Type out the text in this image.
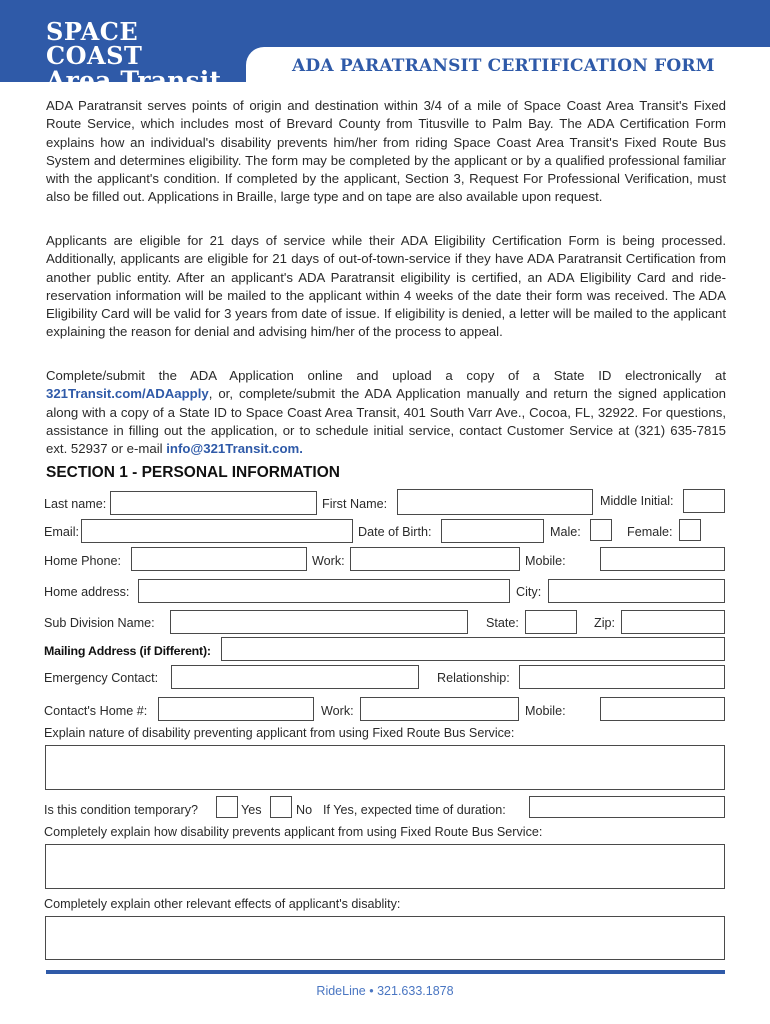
SPACE COAST
Area Transit	ADA PARATRANSIT CERTIFICATION FORM

ADA Paratransit serves points of origin and destination within 3/4 of a mile of Space Coast Area Transit's Fixed Route Service, which includes most of Brevard County from Titusville to Palm Bay. The ADA Certification Form explains how an individual's disability prevents him/her from riding Space Coast Area Transit's Fixed Route Bus System and determines eligibility. The form may be completed by the applicant or by a qualified professional familiar with the applicant's condition. If completed by the applicant, Section 3, Request For Professional Verification, must also be filled out. Applications in Braille, large type and on tape are also available upon request.

Applicants are eligible for 21 days of service while their ADA Eligibility Certification Form is being processed. Additionally, applicants are eligible for 21 days of out-of-town-service if they have ADA Paratransit Certification from another public entity. After an applicant's ADA Paratransit eligibility is certified, an ADA Eligibility Card and ride-reservation information will be mailed to the applicant within 4 weeks of the date their form was received. The ADA Eligibility Card will be valid for 3 years from date of issue. If eligibility is denied, a letter will be mailed to the applicant explaining the reason for denial and advising him/her of the process to appeal.

Complete/submit the ADA Application online and upload a copy of a State ID electronically at 321Transit.com/ADAapply, or, complete/submit the ADA Application manually and return the signed application along with a copy of a State ID to Space Coast Area Transit, 401 South Varr Ave., Cocoa, FL, 32922. For questions, assistance in filling out the application, or to schedule initial service, contact Customer Service at (321) 635-7815 ext. 52937 or e-mail info@321Transit.com.

SECTION 1 - PERSONAL INFORMATION
Last name:	First Name:	Middle Initial:
Email:	Date of Birth:	Male:	Female:
Home Phone:	Work:	Mobile:
Home address:	City:
Sub Division Name:	State:	Zip:
Mailing Address (if Different):
Emergency Contact:	Relationship:
Contact's Home #:	Work:	Mobile:
Explain nature of disability preventing applicant from using Fixed Route Bus Service:
Is this condition temporary?	Yes	No If Yes, expected time of duration:
Completely explain how disability prevents applicant from using Fixed Route Bus Service:
Completely explain other relevant effects of applicant's disablity:
RideLine • 321.633.1878
